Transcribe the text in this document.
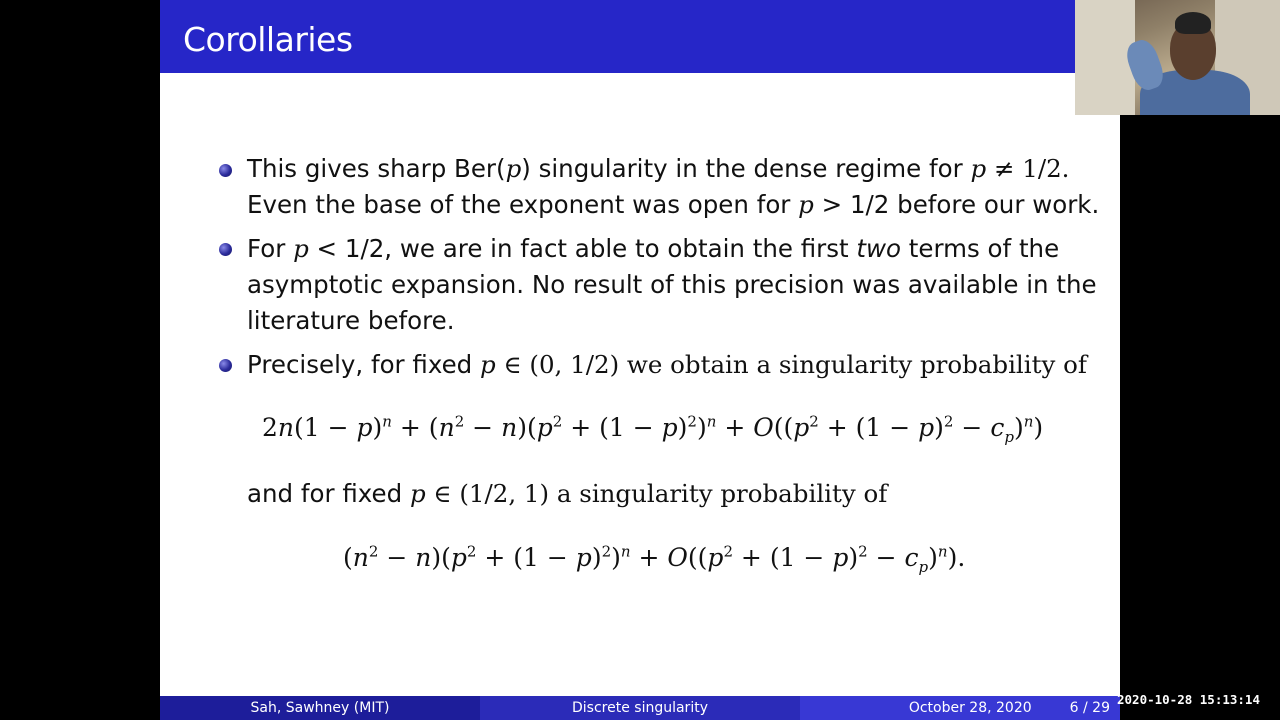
Corollaries
This gives sharp Ber(p) singularity in the dense regime for p ≠ 1/2.
Even the base of the exponent was open for p > 1/2 before our work.
For p < 1/2, we are in fact able to obtain the first two terms of the
asymptotic expansion. No result of this precision was available in the
literature before.
Precisely, for fixed p ∈ (0, 1/2) we obtain a singularity probability of
$2n(1 - p)^n + (n^2 - n)(p^2 + (1 - p)^2)^n + O((p^2 + (1 - p)^2 - c_p)^n)$
and for fixed p ∈ (1/2, 1) a singularity probability of
$(n^2 - n)(p^2 + (1 - p)^2)^n + O((p^2 + (1 - p)^2 - c_p)^n)$.
Sah, Sawhney (MIT)	Discrete singularity	October 28, 2020	6 / 29
2020-10-28 15:13:14
